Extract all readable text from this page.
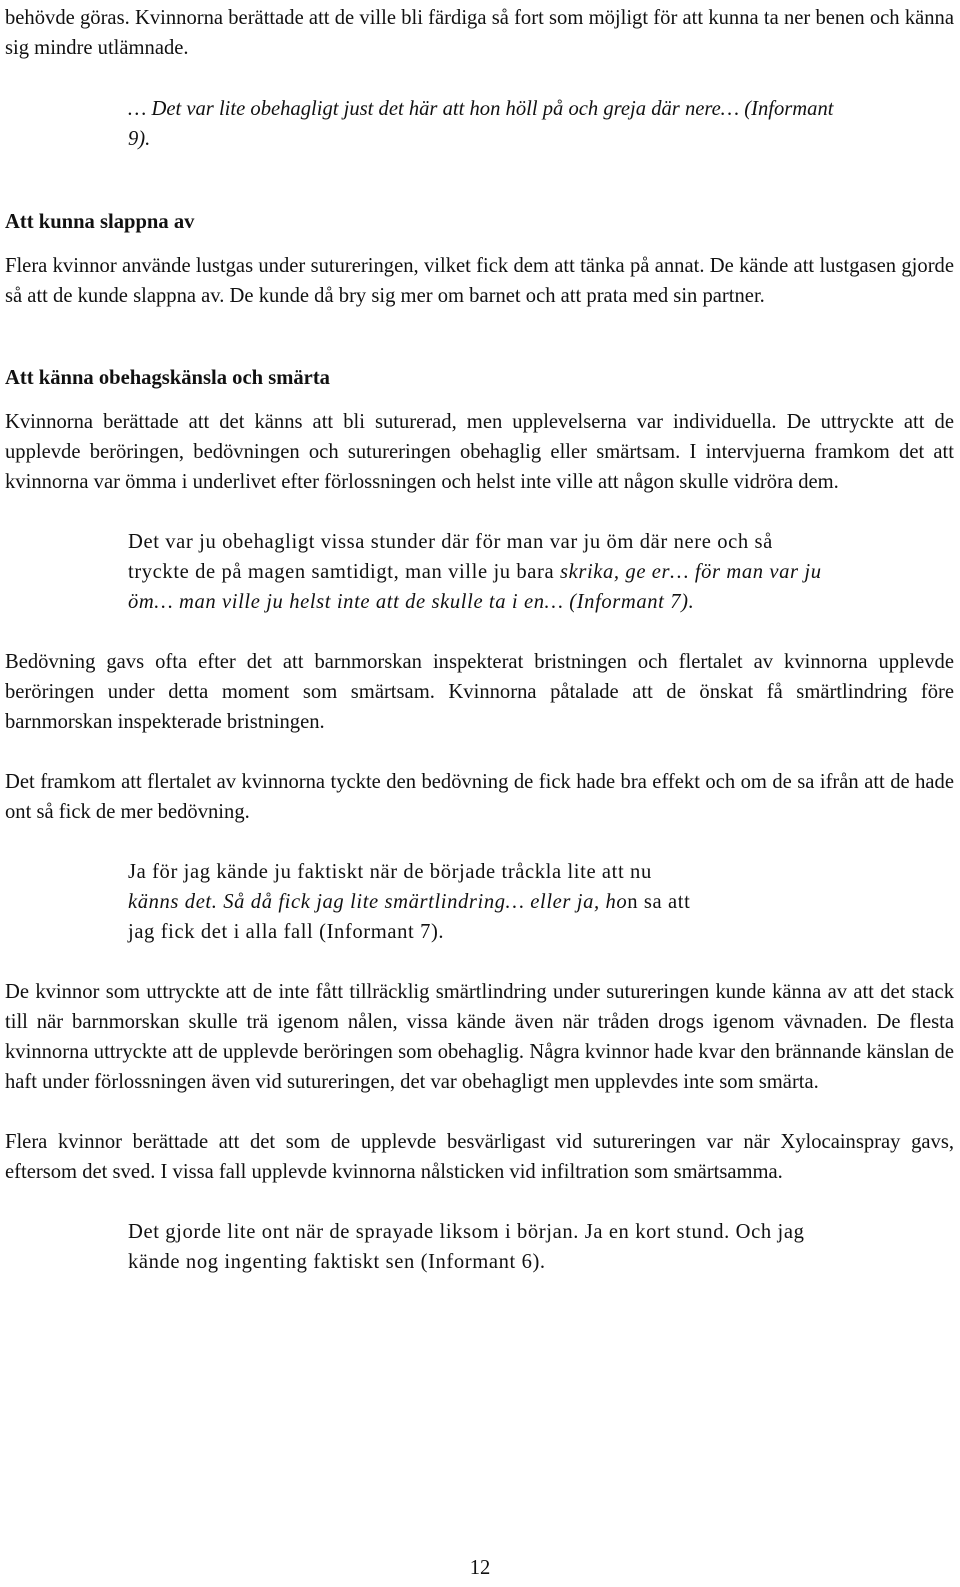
behövde göras. Kvinnorna berättade att de ville bli färdiga så fort som möjligt för att kunna ta ner benen och känna sig mindre utlämnade.

… Det var lite obehagligt just det här att hon höll på och greja där nere… (Informant 9).

Att kunna slappna av

Flera kvinnor använde lustgas under sutureringen, vilket fick dem att tänka på annat. De kände att lustgasen gjorde så att de kunde slappna av. De kunde då bry sig mer om barnet och att prata med sin partner.

Att känna obehagskänsla och smärta

Kvinnorna berättade att det känns att bli suturerad, men upplevelserna var individuella. De uttryckte att de upplevde beröringen, bedövningen och sutureringen obehaglig eller smärtsam. I intervjuerna framkom det att kvinnorna var ömma i underlivet efter förlossningen och helst inte ville att någon skulle vidröra dem.

Det var ju obehagligt vissa stunder där för man var ju öm där nere och så tryckte de på magen samtidigt, man ville ju bara skrika, ge er… för man var ju öm… man ville ju helst inte att de skulle ta i en… (Informant 7).

Bedövning gavs ofta efter det att barnmorskan inspekterat bristningen och flertalet av kvinnorna upplevde beröringen under detta moment som smärtsam. Kvinnorna påtalade att de önskat få smärtlindring före barnmorskan inspekterade bristningen.

Det framkom att flertalet av kvinnorna tyckte den bedövning de fick hade bra effekt och om de sa ifrån att de hade ont så fick de mer bedövning.

Ja för jag kände ju faktiskt när de började tråckla lite att nu
känns det. Så då fick jag lite smärtlindring… eller ja, hon sa att
jag fick det i alla fall (Informant 7).

De kvinnor som uttryckte att de inte fått tillräcklig smärtlindring under sutureringen kunde känna av att det stack till när barnmorskan skulle trä igenom nålen, vissa kände även när tråden drogs igenom vävnaden. De flesta kvinnorna uttryckte att de upplevde beröringen som obehaglig. Några kvinnor hade kvar den brännande känslan de haft under förlossningen även vid sutureringen, det var obehagligt men upplevdes inte som smärta.

Flera kvinnor berättade att det som de upplevde besvärligast vid sutureringen var när Xylocainspray gavs, eftersom det sved. I vissa fall upplevde kvinnorna nålsticken vid infiltration som smärtsamma.

Det gjorde lite ont när de sprayade liksom i början. Ja en kort stund. Och jag kände nog ingenting faktiskt sen (Informant 6).

12
